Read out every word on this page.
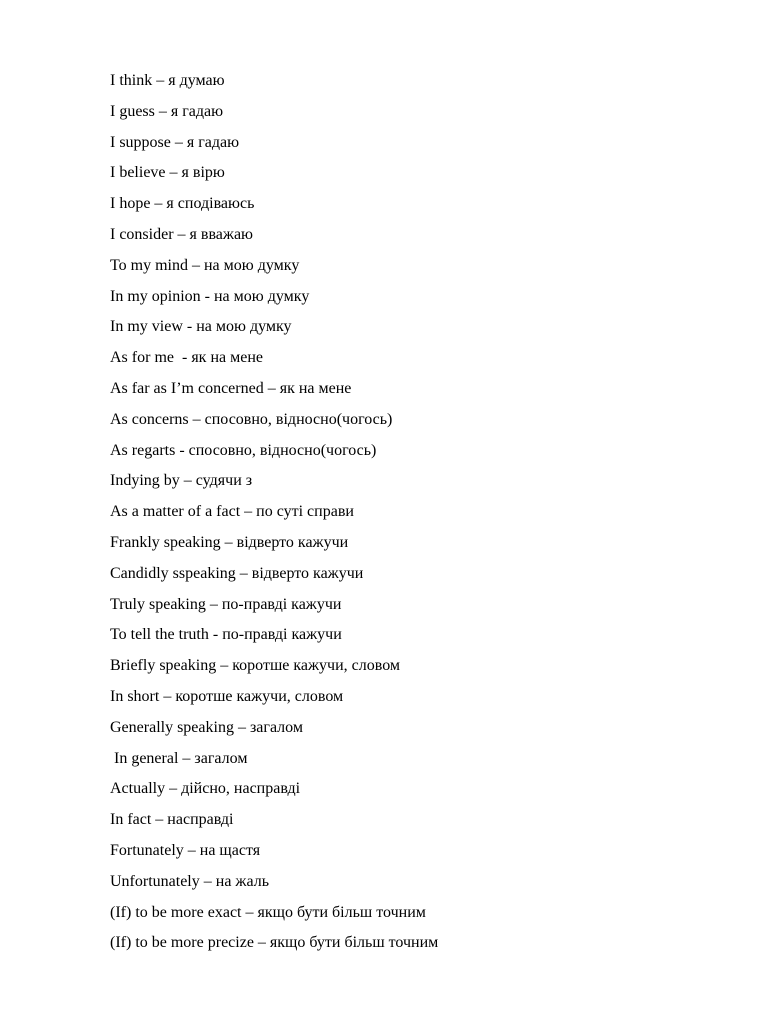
I think – я думаю
I guess – я гадаю
I suppose – я гадаю
I believe – я вірю
I hope – я сподіваюсь
I consider – я вважаю
To my mind – на мою думку
In my opinion - на мою думку
In my view - на мою думку
As for me  - як на мене
As far as I’m concerned – як на мене
As concerns – спосовно, відносно(чогось)
As regarts - спосовно, відносно(чогось)
Indying by – судячи з
As a matter of a fact – по суті справи
Frankly speaking – відверто кажучи
Candidly sspeaking – відверто кажучи
Truly speaking – по-правді кажучи
To tell the truth - по-правді кажучи
Briefly speaking – коротше кажучи, словом
In short – коротше кажучи, словом
Generally speaking – загалом
In general – загалом
Actually – дійсно, насправді
In fact – насправді
Fortunately – на щастя
Unfortunately – на жаль
(If) to be more exact – якщо бути більш точним
(If) to be more precize – якщо бути більш точним
